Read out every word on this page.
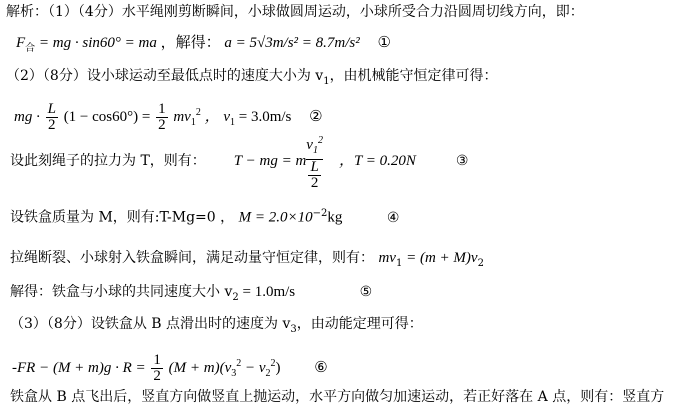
解析：（1）（4分）水平绳刚剪断瞬间，小球做圆周运动，小球所受合力沿圆周切线方向，即：
$F_合$ = mg · sin60° = ma ，解得： a = 5√3m/s² = 8.7m/s² ①
（2）（8分）设小球运动至最低点时的速度大小为 $v_1$，由机械能守恒定律可得：
mg · $\frac{L}{2} (1 - \cos 60^\circ) = \frac{1}{2} mv_1^2$ ， $v_1 = 3.0m/s$ ②
设此刻绳子的拉力为 T，则有： T − mg = m
$v_1^2$
$\frac{L}{2}$ ，T = 0.20N	③
设铁盒质量为 M，则有:T-Mg=0 ， $M = 2.0\times 10^{-2}kg$	④
拉绳断裂、小球射入铁盒瞬间，满足动量守恒定律，则有： $mv_1 = (m + M)v_2$
解得：铁盒与小球的共同速度大小 $v_2 = 1.0m/s$	⑤
（3）（8分）设铁盒从 B 点滑出时的速度为 $v_3$，由动能定理可得：
$-FR - (M + m)g \cdot R = \frac{1}{2} (M + m)(v_3^2 - v_2^2)$ ⑥
铁盒从 B 点飞出后，竖直方向做竖直上抛运动，水平方向做匀加速运动，若正好落在 A 点，则有：竖直方
